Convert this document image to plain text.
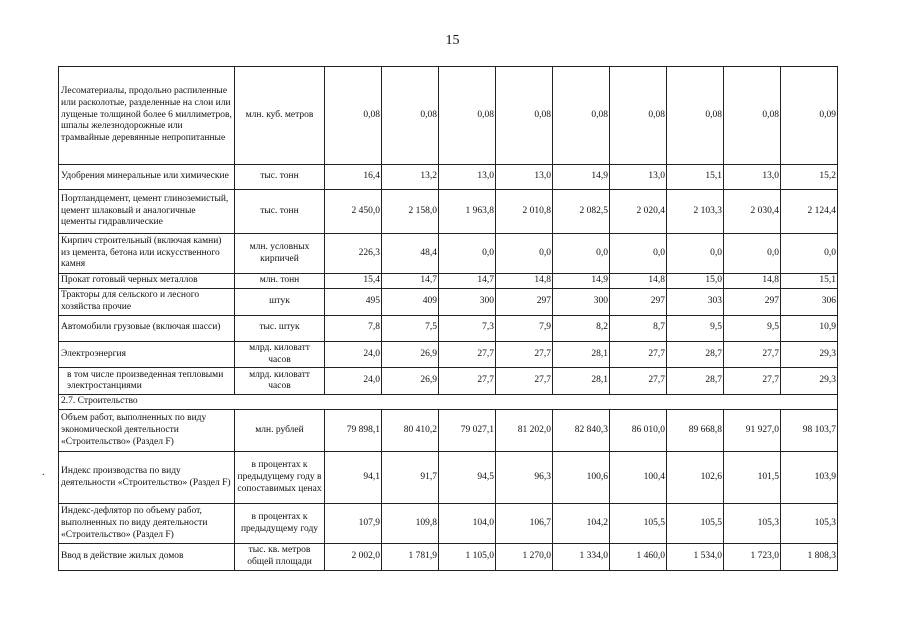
15
.
Лесоматериалы, продольно распиленные или расколотые, разделенные на слои или лущеные толщиной более 6 миллиметров, шпалы железнодорожные или трамвайные деревянные непропитанные	млн. куб. метров	0,08	0,08	0,08	0,08	0,08	0,08	0,08	0,08	0,09
Удобрения минеральные или химические	тыс. тонн	16,4	13,2	13,0	13,0	14,9	13,0	15,1	13,0	15,2
Портландцемент, цемент глиноземистый, цемент шлаковый и аналогичные цементы гидравлические	тыс. тонн	2 450,0	2 158,0	1 963,8	2 010,8	2 082,5	2 020,4	2 103,3	2 030,4	2 124,4
Кирпич строительный (включая камни) из цемента, бетона или искусственного камня	млн. условных кирпичей	226,3	48,4	0,0	0,0	0,0	0,0	0,0	0,0	0,0
Прокат готовый черных металлов	млн. тонн	15,4	14,7	14,7	14,8	14,9	14,8	15,0	14,8	15,1
Тракторы для сельского и лесного хозяйства прочие	штук	495	409	300	297	300	297	303	297	306
Автомобили грузовые (включая шасси)	тыс. штук	7,8	7,5	7,3	7,9	8,2	8,7	9,5	9,5	10,9
Электроэнергия	млрд. киловатт часов	24,0	26,9	27,7	27,7	28,1	27,7	28,7	27,7	29,3
в том числе произведенная тепловыми электростанциями	млрд. киловатт часов	24,0	26,9	27,7	27,7	28,1	27,7	28,7	27,7	29,3
2.7. Строительство										
Объем работ, выполненных по виду экономической деятельности «Строительство» (Раздел F)	млн. рублей	79 898,1	80 410,2	79 027,1	81 202,0	82 840,3	86 010,0	89 668,8	91 927,0	98 103,7
Индекс производства по виду деятельности «Строительство» (Раздел F)	в процентах к предыдущему году в сопоставимых ценах	94,1	91,7	94,5	96,3	100,6	100,4	102,6	101,5	103,9
Индекс-дефлятор по объему работ, выполненных по виду деятельности «Строительство» (Раздел F)	в процентах к предыдущему году	107,9	109,8	104,0	106,7	104,2	105,5	105,5	105,3	105,3
Ввод в действие жилых домов	тыс. кв. метров общей площади	2 002,0	1 781,9	1 105,0	1 270,0	1 334,0	1 460,0	1 534,0	1 723,0	1 808,3
